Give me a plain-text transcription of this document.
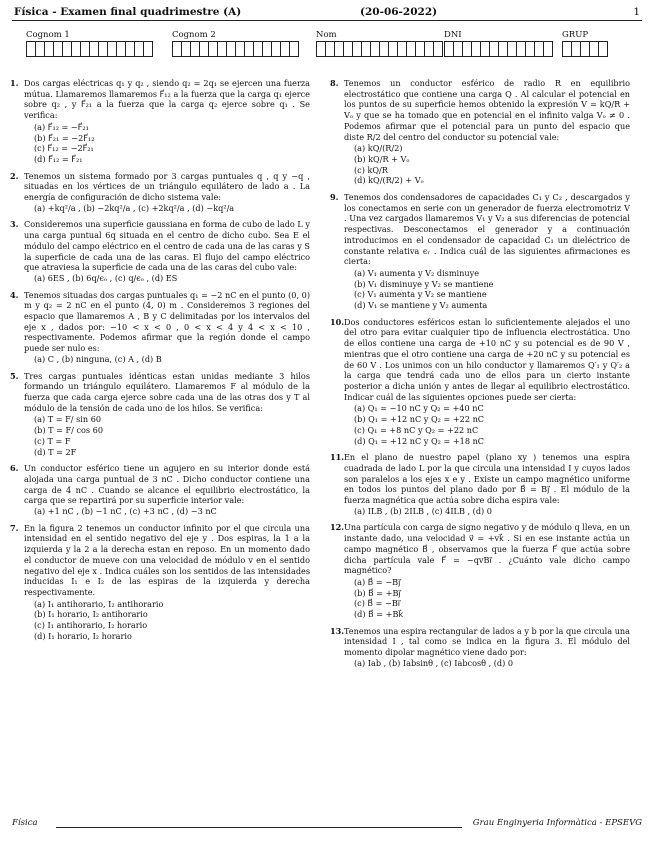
Física - Examen final quadrimestre (A)	(20-06-2022)	1
Cognom 1	Cognom 2	Nom	DNI	GRUP
1. Dos cargas eléctricas q₁ y q₂ , siendo q₂ = 2q₁ se ejercen una fuerza mútua. Llamaremos llamaremos F⃗₁₂ a la fuerza que la carga q₁ ejerce sobre q₂ , y F⃗₂₁ a la fuerza que la carga q₂ ejerce sobre q₁ . Se verifica:
(a) F⃗₁₂ = −F⃗₂₁
(b) F⃗₂₁ = −2F⃗₁₂
(c) F⃗₁₂ = −2F⃗₂₁
(d) F⃗₁₂ = F⃗₂₁
2. Tenemos un sistema formado por 3 cargas puntuales q , q y −q , situadas en los vértices de un triángulo equilátero de lado a . La energía de configuración de dicho sistema vale:
(a) +kq²/a , (b) −2kq²/a , (c) +2kq²/a , (d) −kq²/a
3. Consideremos una superficie gaussiana en forma de cubo de lado L y una carga puntual 6q situada en el centro de dicho cubo. Sea E el módulo del campo eléctrico en el centro de cada una de las caras y S la superficie de cada una de las caras. El flujo del campo eléctrico que atraviesa la superficie de cada una de las caras del cubo vale:
(a) 6ES , (b) 6q/ϵₒ , (c) q/ϵₒ , (d) ES
4. Tenemos situadas dos cargas puntuales q₁ = −2 nC en el punto (0, 0) m y q₂ = 2 nC en el punto (4, 0) m . Consideremos 3 regiones del espacio que llamaremos A , B y C delimitadas por los intervalos del eje x , dados por: −10 < x < 0 , 0 < x < 4 y 4 < x < 10 , respectivamente. Podemos afirmar que la región donde el campo puede ser nulo es:
(a) C , (b) ninguna, (c) A , (d) B
5. Tres cargas puntuales idénticas estan unidas mediante 3 hilos formando un triángulo equilátero. Llamaremos F al módulo de la fuerza que cada carga ejerce sobre cada una de las otras dos y T al módulo de la tensión de cada uno de los hilos. Se verifica:
(a) T = F/ sin 60
(b) T = F/ cos 60
(c) T = F
(d) T = 2F
6. Un conductor esférico tiene un agujero en su interior donde está alojada una carga puntual de 3 nC . Dicho conductor contiene una carga de 4 nC . Cuando se alcance el equilibrio electrostático, la carga que se repartirá por su superficie interior vale:
(a) +1 nC , (b) −1 nC , (c) +3 nC , (d) −3 nC
7. En la figura 2 tenemos un conductor infinito por el que circula una intensidad en el sentido negativo del eje y . Dos espiras, la 1 a la izquierda y la 2 a la derecha estan en reposo. En un momento dado el conductor de mueve con una velocidad de módulo v en el sentido negativo del eje x . Indica cuáles son los sentidos de las intensidades inducidas I₁ e I₂ de las espiras de la izquierda y derecha respectivamente.
(a) I₁ antihorario, I₂ antihorario
(b) I₁ horario, I₂ antihorario
(c) I₁ antihorario, I₂ horario
(d) I₁ horario, I₂ horario
8. Tenemos un conductor esférico de radio R en equilibrio electrostático que contiene una carga Q . Al calcular el potencial en los puntos de su superficie hemos obtenido la expresión V = kQ/R + Vₒ y que se ha tomado que en potencial en el infinito valga Vₒ ≠ 0 . Podemos afirmar que el potencial para un punto del espacio que diste R/2 del centro del conductor su potencial vale:
(a) kQ/(R/2)
(b) kQ/R + Vₒ
(c) kQ/R
(d) kQ/(R/2) + Vₒ
9. Tenemos dos condensadores de capacidades C₁ y C₂ , descargados y los conectamos en serie con un generador de fuerza electromotriz V . Una vez cargados llamaremos V₁ y V₂ a sus diferencias de potencial respectivas. Desconectamos el generador y a continuación introducimos en el condensador de capacidad C₁ un dieléctrico de constante relativa ϵᵣ . Indica cuál de las siguientes afirmaciones es cierta:
(a) V₁ aumenta y V₂ disminuye
(b) V₁ disminuye y V₂ se mantiene
(c) V₁ aumenta y V₂ se mantiene
(d) V₁ se mantiene y V₂ aumenta
10. Dos conductores esféricos estan lo suficientemente alejados el uno del otro para evitar cualquier tipo de influencia electrostática. Uno de ellos contiene una carga de +10 nC y su potencial es de 90 V , mientras que el otro contiene una carga de +20 nC y su potencial es de 60 V . Los unimos con un hilo conductor y llamaremos Q′₁ y Q′₂ a la carga que tendrá cada uno de ellos para un cierto instante posterior a dicha unión y antes de llegar al equilibrio electrostático. Indicar cuál de las siguientes opciones puede ser cierta:
(a) Q₁ = −10 nC y Q₂ = +40 nC
(b) Q₁ = +12 nC y Q₂ = +22 nC
(c) Q₁ = +8 nC y Q₂ = +22 nC
(d) Q₁ = +12 nC y Q₂ = +18 nC
11. En el plano de nuestro papel (plano xy ) tenemos una espira cuadrada de lado L por la que circula una intensidad I y cuyos lados son paralelos a los ejes x e y . Existe un campo magnético uniforme en todos los puntos del plano dado por B⃗ = Bȷ⃗ . El módulo de la fuerza magnética que actúa sobre dicha espira vale:
(a) ILB , (b) 2ILB , (c) 4ILB , (d) 0
12. Una partícula con carga de signo negativo y de módulo q lleva, en un instante dado, una velocidad v⃗ = +vk⃗ . Si en ese instante actúa un campo magnético B⃗ , observamos que la fuerza F⃗ que actúa sobre dicha partícula vale F⃗ = −qvBı⃗ . ¿Cuánto vale dicho campo magnético?
(a) B⃗ = −Bȷ⃗
(b) B⃗ = +Bȷ⃗
(c) B⃗ = −Bı⃗
(d) B⃗ = +Bk⃗
13. Tenemos una espira rectangular de lados a y b por la que circula una intensidad I , tal como se indica en la figura 3. El módulo del momento dipolar magnético viene dado por:
(a) Iab , (b) Iabsinθ , (c) Iabcosθ , (d) 0
Física	Grau Enginyeria Informàtica - EPSEVG
